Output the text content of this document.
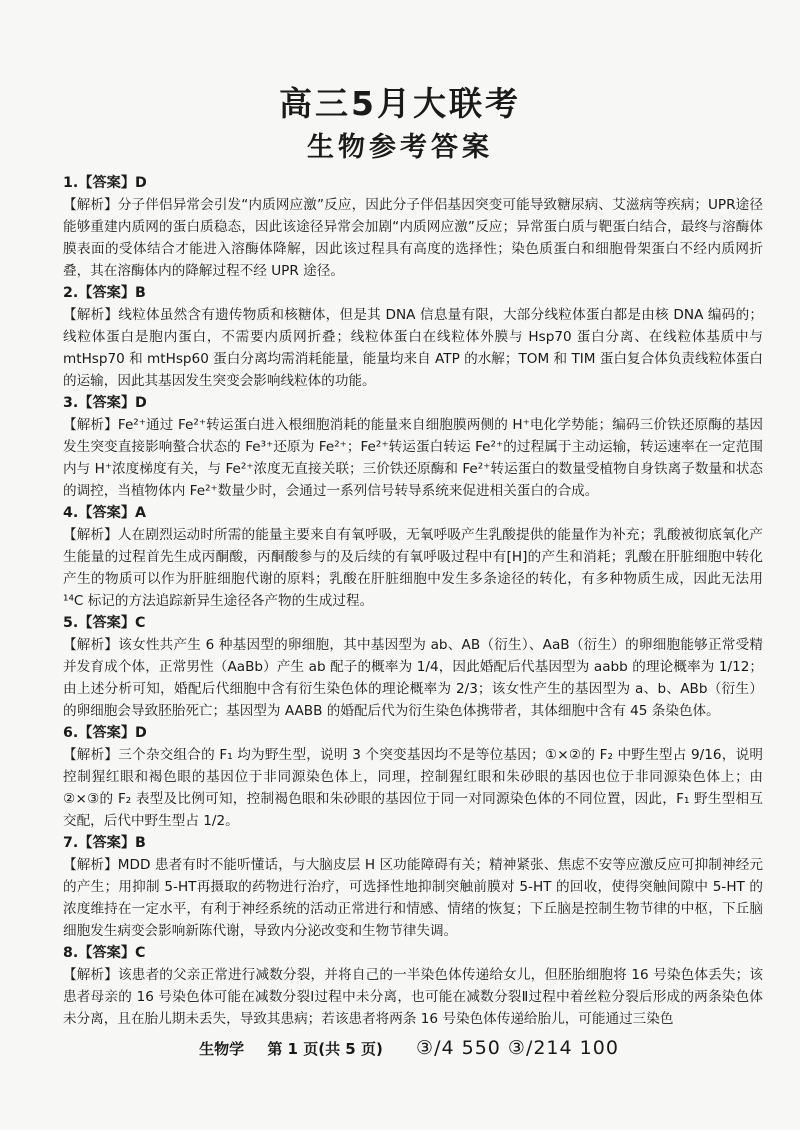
高三5月大联考
生物参考答案
1.【答案】D
【解析】分子伴侣异常会引发“内质网应激”反应，因此分子伴侣基因突变可能导致糖尿病、艾滋病等疾病；UPR途径能够重建内质网的蛋白质稳态，因此该途径异常会加剧“内质网应激”反应；异常蛋白质与靶蛋白结合，最终与溶酶体膜表面的受体结合才能进入溶酶体降解，因此该过程具有高度的选择性；染色质蛋白和细胞骨架蛋白不经内质网折叠，其在溶酶体内的降解过程不经 UPR 途径。
2.【答案】B
【解析】线粒体虽然含有遗传物质和核糖体，但是其 DNA 信息量有限，大部分线粒体蛋白都是由核 DNA 编码的；线粒体蛋白是胞内蛋白，不需要内质网折叠；线粒体蛋白在线粒体外膜与 Hsp70 蛋白分离、在线粒体基质中与 mtHsp70 和 mtHsp60 蛋白分离均需消耗能量，能量均来自 ATP 的水解；TOM 和 TIM 蛋白复合体负责线粒体蛋白的运输，因此其基因发生突变会影响线粒体的功能。
3.【答案】D
【解析】Fe²⁺通过 Fe²⁺转运蛋白进入根细胞消耗的能量来自细胞膜两侧的 H⁺电化学势能；编码三价铁还原酶的基因发生突变直接影响螯合状态的 Fe³⁺还原为 Fe²⁺；Fe²⁺转运蛋白转运 Fe²⁺的过程属于主动运输，转运速率在一定范围内与 H⁺浓度梯度有关，与 Fe²⁺浓度无直接关联；三价铁还原酶和 Fe²⁺转运蛋白的数量受植物自身铁离子数量和状态的调控，当植物体内 Fe²⁺数量少时，会通过一系列信号转导系统来促进相关蛋白的合成。
4.【答案】A
【解析】人在剧烈运动时所需的能量主要来自有氧呼吸，无氧呼吸产生乳酸提供的能量作为补充；乳酸被彻底氧化产生能量的过程首先生成丙酮酸，丙酮酸参与的及后续的有氧呼吸过程中有[H]的产生和消耗；乳酸在肝脏细胞中转化产生的物质可以作为肝脏细胞代谢的原料；乳酸在肝脏细胞中发生多条途径的转化，有多种物质生成，因此无法用¹⁴C 标记的方法追踪新异生途径各产物的生成过程。
5.【答案】C
【解析】该女性共产生 6 种基因型的卵细胞，其中基因型为 ab、AB（衍生）、AaB（衍生）的卵细胞能够正常受精并发育成个体，正常男性（AaBb）产生 ab 配子的概率为 1/4，因此婚配后代基因型为 aabb 的理论概率为 1/12；由上述分析可知，婚配后代细胞中含有衍生染色体的理论概率为 2/3；该女性产生的基因型为 a、b、ABb（衍生）的卵细胞会导致胚胎死亡；基因型为 AABB 的婚配后代为衍生染色体携带者，其体细胞中含有 45 条染色体。
6.【答案】D
【解析】三个杂交组合的 F₁ 均为野生型，说明 3 个突变基因均不是等位基因；①×②的 F₂ 中野生型占 9/16，说明控制猩红眼和褐色眼的基因位于非同源染色体上，同理，控制猩红眼和朱砂眼的基因也位于非同源染色体上；由②×③的 F₂ 表型及比例可知，控制褐色眼和朱砂眼的基因位于同一对同源染色体的不同位置，因此，F₁ 野生型相互交配，后代中野生型占 1/2。
7.【答案】B
【解析】MDD 患者有时不能听懂话，与大脑皮层 H 区功能障碍有关；精神紧张、焦虑不安等应激反应可抑制神经元的产生；用抑制 5-HT再摄取的药物进行治疗，可选择性地抑制突触前膜对 5-HT 的回收，使得突触间隙中 5-HT 的浓度维持在一定水平，有利于神经系统的活动正常进行和情感、情绪的恢复；下丘脑是控制生物节律的中枢，下丘脑细胞发生病变会影响新陈代谢，导致内分泌改变和生物节律失调。
8.【答案】C
【解析】该患者的父亲正常进行减数分裂，并将自己的一半染色体传递给女儿，但胚胎细胞将 16 号染色体丢失；该患者母亲的 16 号染色体可能在减数分裂Ⅰ过程中未分离，也可能在减数分裂Ⅱ过程中着丝粒分裂后形成的两条染色体未分离，且在胎儿期未丢失，导致其患病；若该患者将两条 16 号染色体传递给胎儿，可能通过三染色
生物学 第 1 页(共 5 页) ③/4 550 ③/214 100
